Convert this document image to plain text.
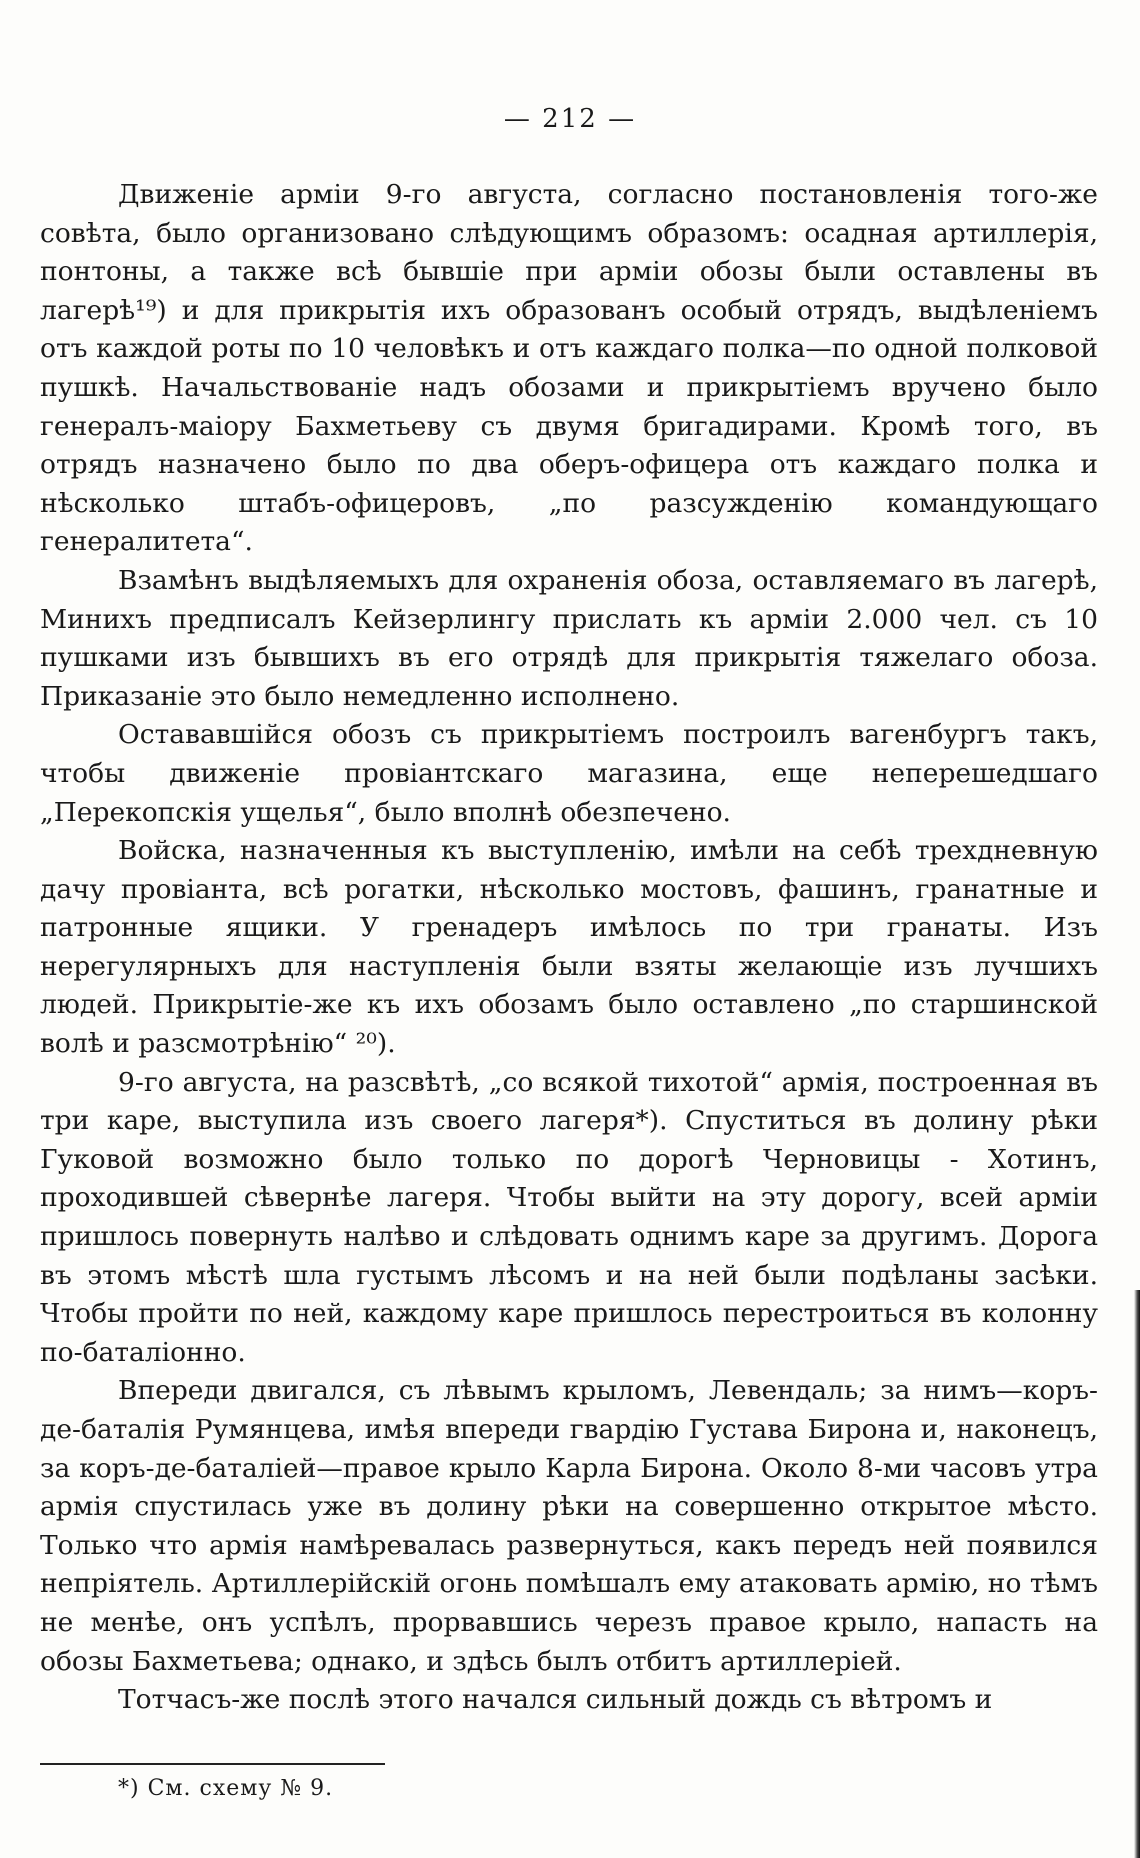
— 212 —

Движеніе арміи 9-го августа, согласно постановленія того-же совѣта, было организовано слѣдующимъ образомъ: осадная артиллерія, понтоны, а также всѣ бывшіе при арміи обозы были оставлены въ лагерѣ¹⁹) и для прикрытія ихъ образованъ особый отрядъ, выдѣленіемъ отъ каждой роты по 10 человѣкъ и отъ каждаго полка—по одной полковой пушкѣ. Начальствованіе надъ обозами и прикрытіемъ вручено было генералъ-маіору Бахметьеву съ двумя бригадирами. Кромѣ того, въ отрядъ назначено было по два оберъ-офицера отъ каждаго полка и нѣсколько штабъ-офицеровъ, „по разсужденію командующаго генералитета“.

Взамѣнъ выдѣляемыхъ для охраненія обоза, оставляемаго въ лагерѣ, Минихъ предписалъ Кейзерлингу прислать къ арміи 2.000 чел. съ 10 пушками изъ бывшихъ въ его отрядѣ для прикрытія тяжелаго обоза. Приказаніе это было немедленно исполнено.

Остававшійся обозъ съ прикрытіемъ построилъ вагенбургъ такъ, чтобы движеніе провіантскаго магазина, еще неперешедшаго „Перекопскія ущелья“, было вполнѣ обезпечено.

Войска, назначенныя къ выступленію, имѣли на себѣ трехдневную дачу провіанта, всѣ рогатки, нѣсколько мостовъ, фашинъ, гранатные и патронные ящики. У гренадеръ имѣлось по три гранаты. Изъ нерегулярныхъ для наступленія были взяты желающіе изъ лучшихъ людей. Прикрытіе-же къ ихъ обозамъ было оставлено „по старшинской волѣ и разсмотрѣнію“ ²⁰).

9-го августа, на разсвѣтѣ, „со всякой тихотой“ армія, построенная въ три каре, выступила изъ своего лагеря*). Спуститься въ долину рѣки Гуковой возможно было только по дорогѣ Черновицы - Хотинъ, проходившей сѣвернѣе лагеря. Чтобы выйти на эту дорогу, всей арміи пришлось повернуть налѣво и слѣдовать однимъ каре за другимъ. Дорога въ этомъ мѣстѣ шла густымъ лѣсомъ и на ней были подѣланы засѣки. Чтобы пройти по ней, каждому каре пришлось перестроиться въ колонну по-баталіонно.

Впереди двигался, съ лѣвымъ крыломъ, Левендаль; за нимъ—коръ-де-баталія Румянцева, имѣя впереди гвардію Густава Бирона и, наконецъ, за коръ-де-баталіей—правое крыло Карла Бирона. Около 8-ми часовъ утра армія спустилась уже въ долину рѣки на совершенно открытое мѣсто. Только что армія намѣревалась развернуться, какъ передъ ней появился непріятель. Артиллерійскій огонь помѣшалъ ему атаковать армію, но тѣмъ не менѣе, онъ успѣлъ, прорвавшись черезъ правое крыло, напасть на обозы Бахметьева; однако, и здѣсь былъ отбитъ артиллеріей.

Тотчасъ-же послѣ этого начался сильный дождь съ вѣтромъ и

*) См. схему № 9.
